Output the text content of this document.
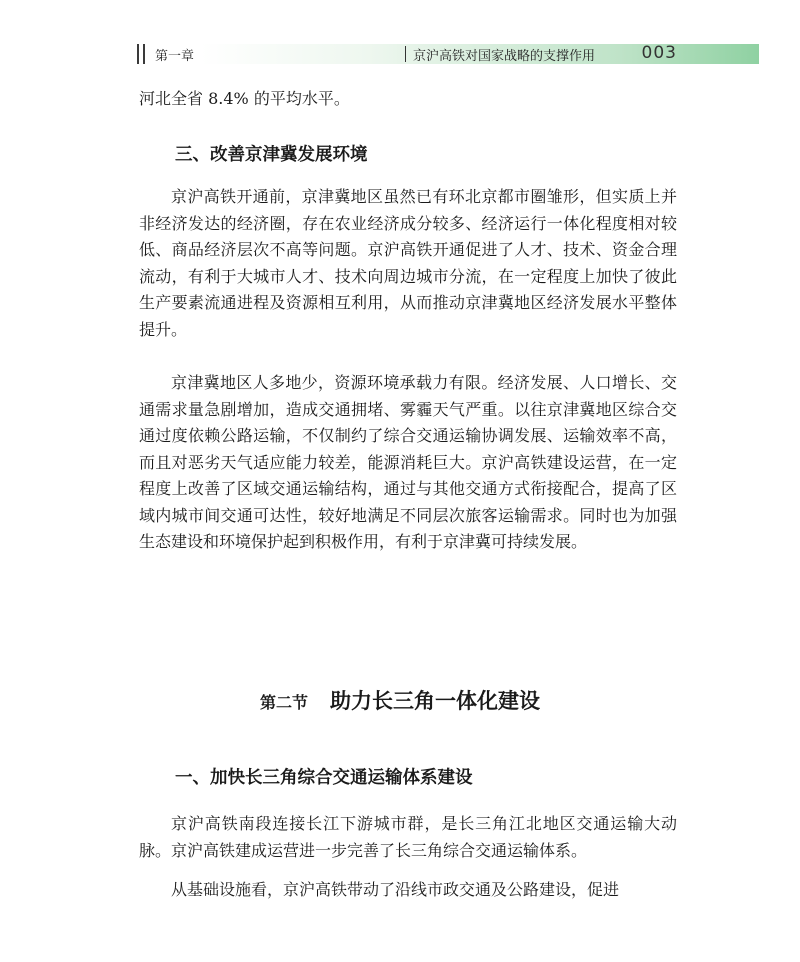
第一章	京沪高铁对国家战略的支撑作用	003
河北全省 8.4% 的平均水平。
三、改善京津冀发展环境

京沪高铁开通前，京津冀地区虽然已有环北京都市圈雏形，但实质上并非经济发达的经济圈，存在农业经济成分较多、经济运行一体化程度相对较低、商品经济层次不高等问题。京沪高铁开通促进了人才、技术、资金合理流动，有利于大城市人才、技术向周边城市分流，在一定程度上加快了彼此生产要素流通进程及资源相互利用，从而推动京津冀地区经济发展水平整体提升。

京津冀地区人多地少，资源环境承载力有限。经济发展、人口增长、交通需求量急剧增加，造成交通拥堵、雾霾天气严重。以往京津冀地区综合交通过度依赖公路运输，不仅制约了综合交通运输协调发展、运输效率不高，而且对恶劣天气适应能力较差，能源消耗巨大。京沪高铁建设运营，在一定程度上改善了区域交通运输结构，通过与其他交通方式衔接配合，提高了区域内城市间交通可达性，较好地满足不同层次旅客运输需求。同时也为加强生态建设和环境保护起到积极作用，有利于京津冀可持续发展。

第二节 助力长三角一体化建设
一、加快长三角综合交通运输体系建设

京沪高铁南段连接长江下游城市群，是长三角江北地区交通运输大动脉。京沪高铁建成运营进一步完善了长三角综合交通运输体系。

从基础设施看，京沪高铁带动了沿线市政交通及公路建设，促进
